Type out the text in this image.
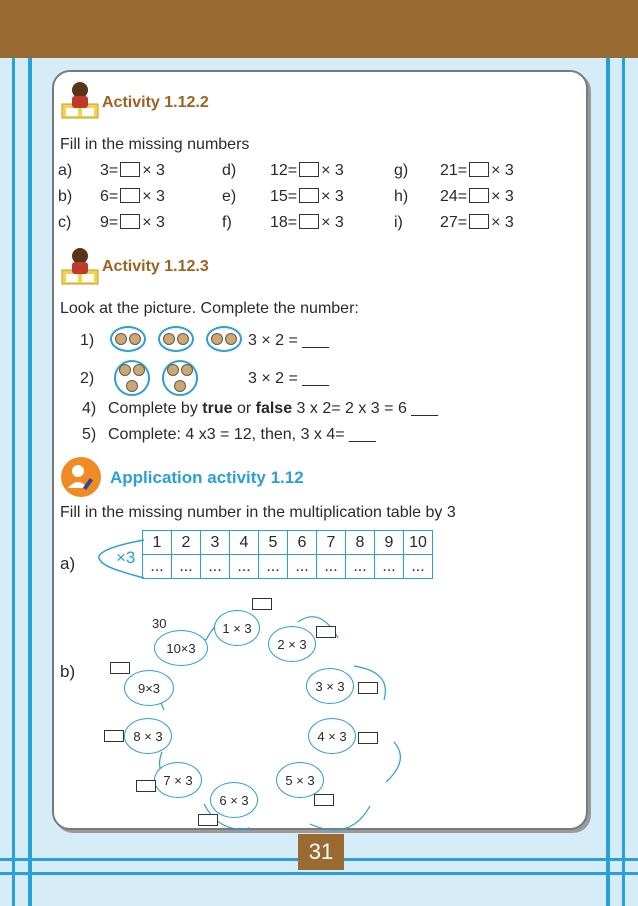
Activity 1.12.2
Fill in the missing numbers
a) 3= × 3
b) 6= × 3
c) 9= × 3
d) 12= × 3
e) 15= × 3
f) 18= × 3
g) 21= × 3
h) 24= × 3
i) 27= × 3
Activity 1.12.3
Look at the picture. Complete the number:
1)	3 × 2 = ___
2)	3 × 2 = ___
4) Complete by true or false 3 x 2= 2 x 3 = 6 ___
5) Complete: 4 x3 = 12, then, 3 x 4= ___
Application activity 1.12
Fill in the missing number in the multiplication table by 3
a) ×3
1	2	3	4	5	6	7	8	9	10
...	...	...	...	...	...	...	...	...	...
b)
30	1 × 3
2 × 3
3 × 3
4 × 3
5 × 3
6 × 3
7 × 3
8 × 3
9×3
10×3
31
